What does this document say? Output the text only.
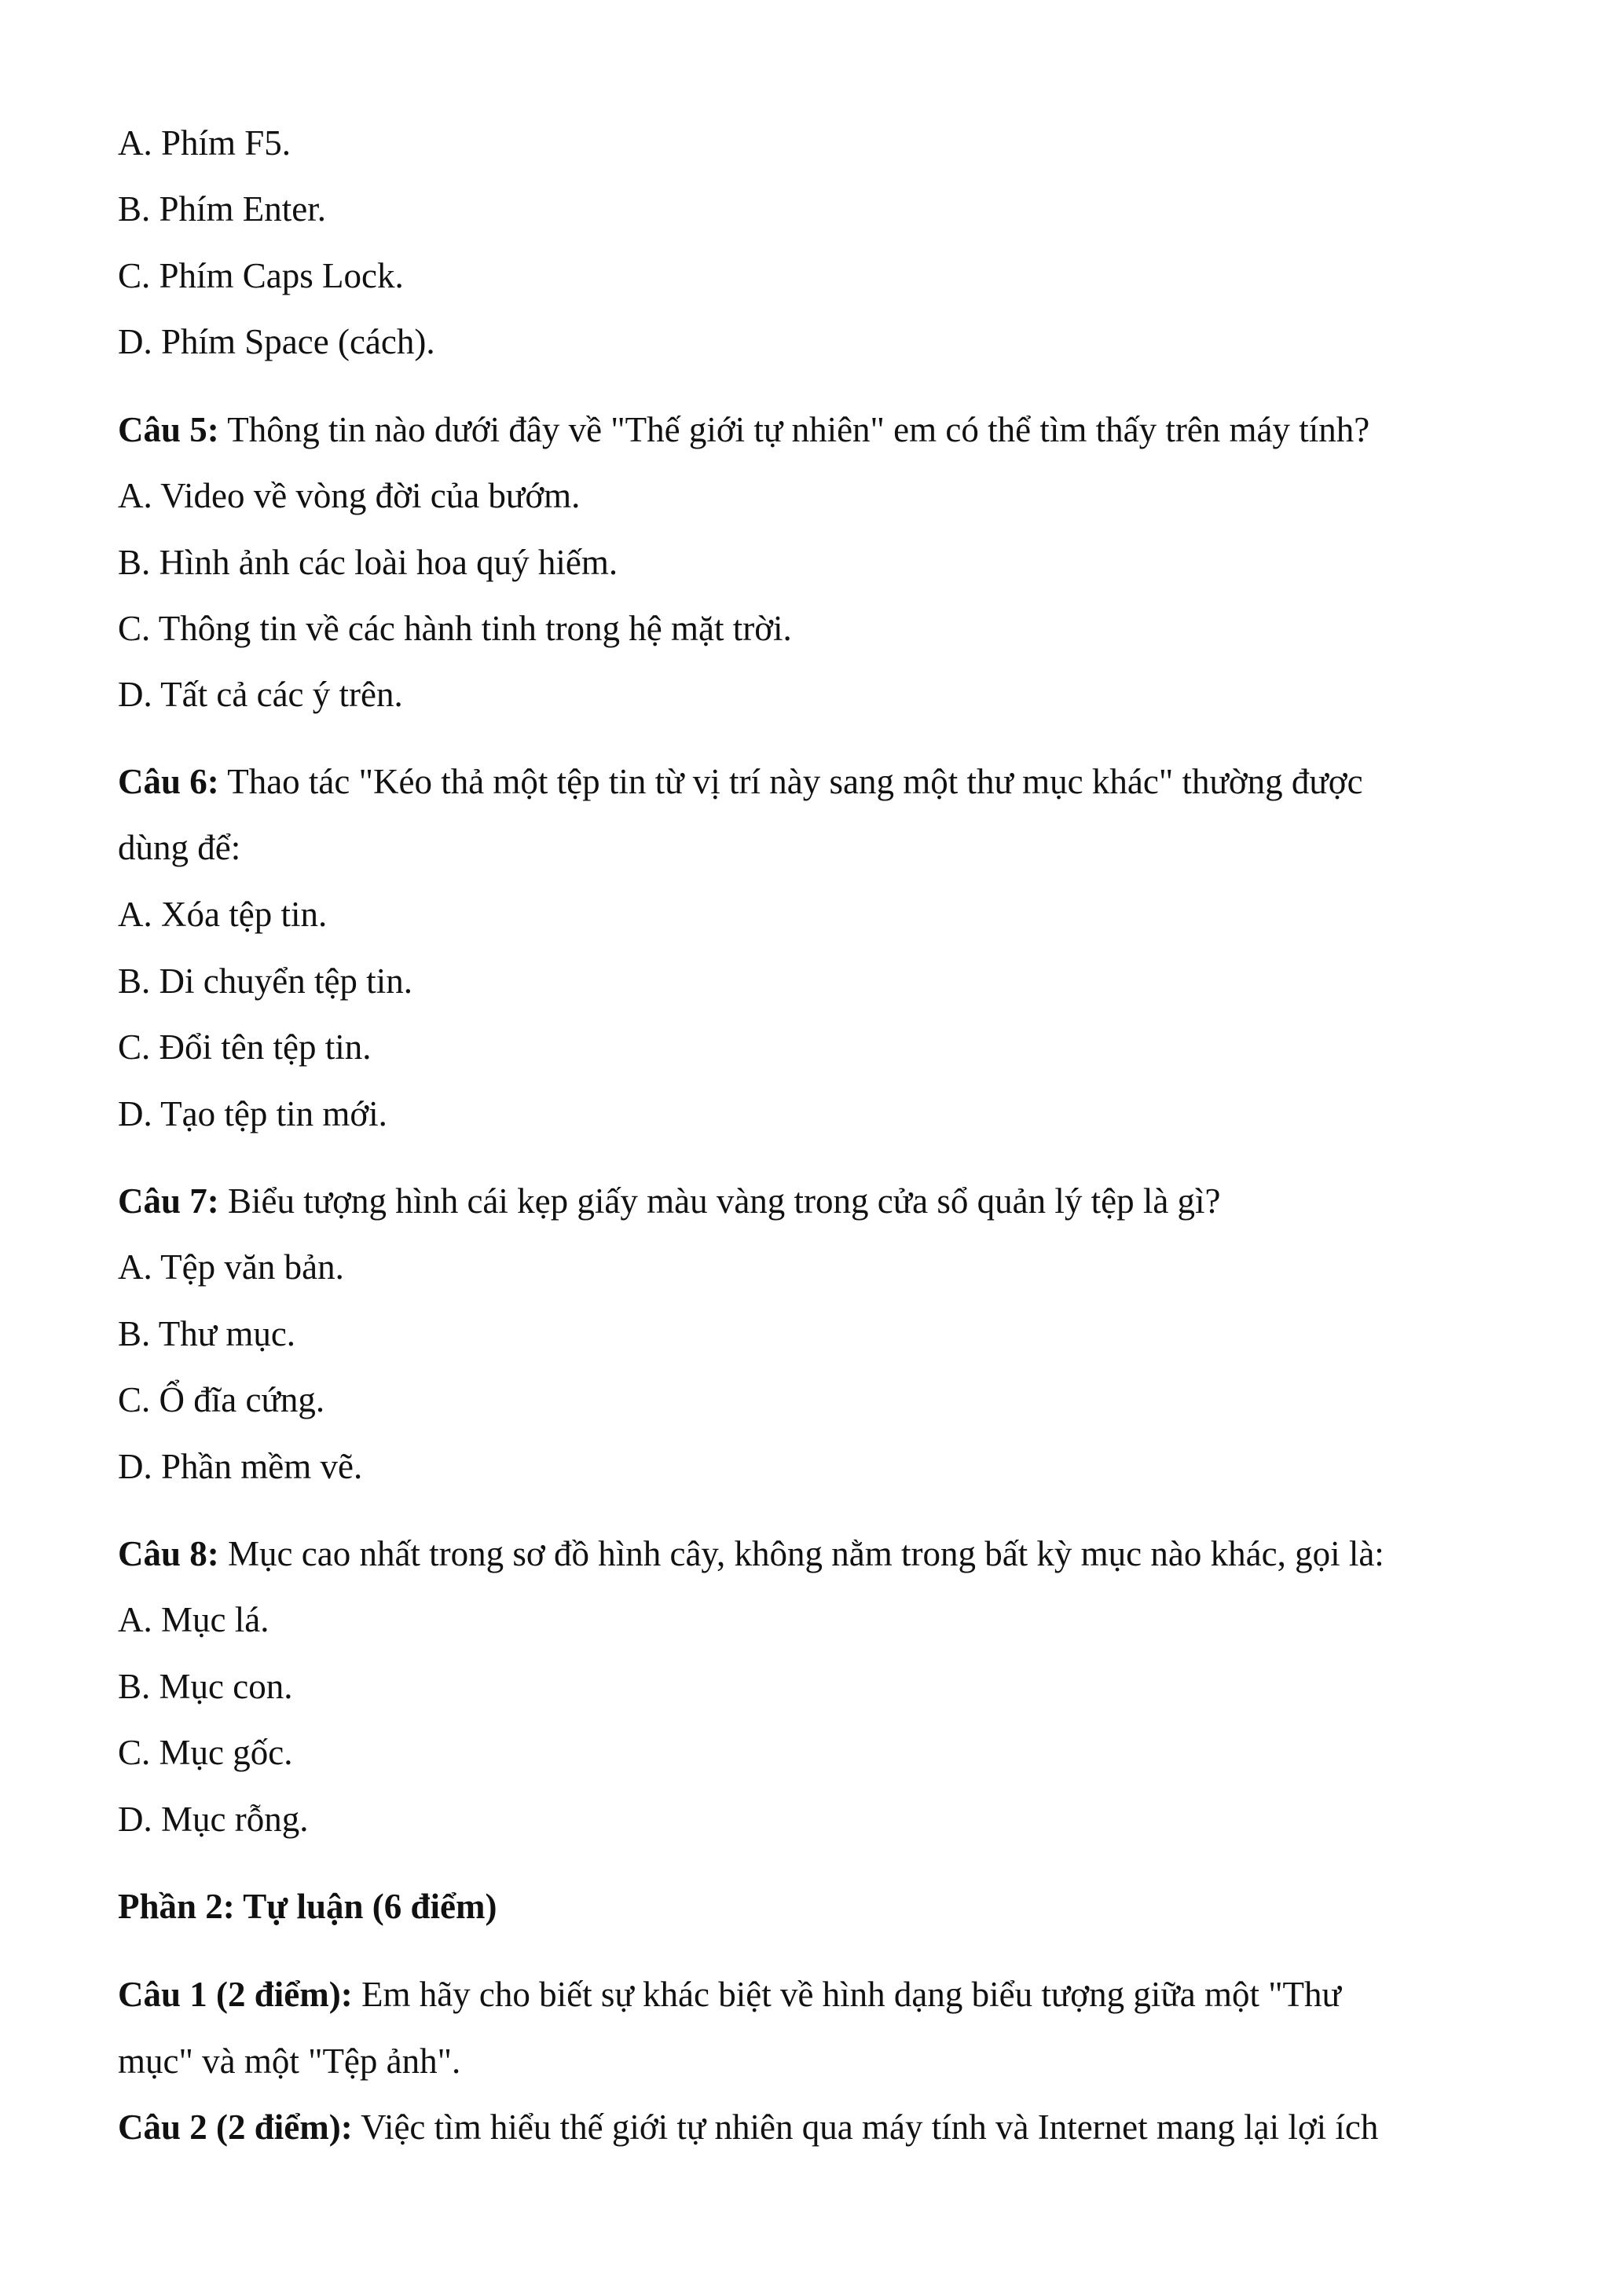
A. Phím F5.
B. Phím Enter.
C. Phím Caps Lock.
D. Phím Space (cách).
Câu 5: Thông tin nào dưới đây về "Thế giới tự nhiên" em có thể tìm thấy trên máy tính?
A. Video về vòng đời của bướm.
B. Hình ảnh các loài hoa quý hiếm.
C. Thông tin về các hành tinh trong hệ mặt trời.
D. Tất cả các ý trên.
Câu 6: Thao tác "Kéo thả một tệp tin từ vị trí này sang một thư mục khác" thường được
dùng để:
A. Xóa tệp tin.
B. Di chuyển tệp tin.
C. Đổi tên tệp tin.
D. Tạo tệp tin mới.
Câu 7: Biểu tượng hình cái kẹp giấy màu vàng trong cửa sổ quản lý tệp là gì?
A. Tệp văn bản.
B. Thư mục.
C. Ổ đĩa cứng.
D. Phần mềm vẽ.
Câu 8: Mục cao nhất trong sơ đồ hình cây, không nằm trong bất kỳ mục nào khác, gọi là:
A. Mục lá.
B. Mục con.
C. Mục gốc.
D. Mục rỗng.
Phần 2: Tự luận (6 điểm)
Câu 1 (2 điểm): Em hãy cho biết sự khác biệt về hình dạng biểu tượng giữa một "Thư
mục" và một "Tệp ảnh".
Câu 2 (2 điểm): Việc tìm hiểu thế giới tự nhiên qua máy tính và Internet mang lại lợi ích
